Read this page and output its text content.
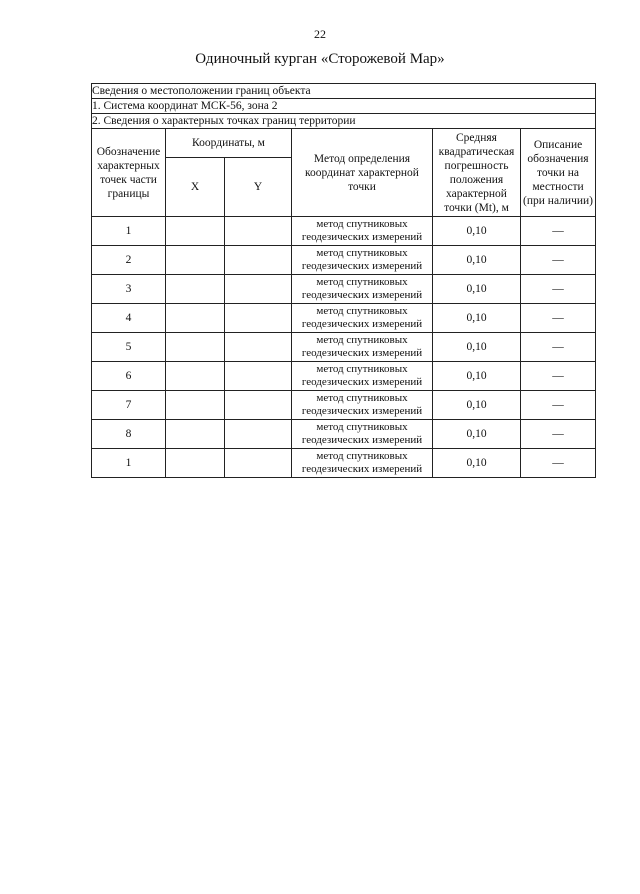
22
Одиночный курган «Сторожевой Мар»
Сведения о местоположении границ объекта					
1. Система координат МСК-56, зона 2					
2. Сведения о характерных точках границ территории					
Обозначение характерных точек части границы	Координаты, м		Метод определения координат характерной точки	Средняя квадратическая погрешность положения характерной точки (Mt), м	Описание обозначения точки на местности (при наличии)
	X	Y			
1			метод спутниковых геодезических измерений	0,10	—
2			метод спутниковых геодезических измерений	0,10	—
3			метод спутниковых геодезических измерений	0,10	—
4			метод спутниковых геодезических измерений	0,10	—
5			метод спутниковых геодезических измерений	0,10	—
6			метод спутниковых геодезических измерений	0,10	—
7			метод спутниковых геодезических измерений	0,10	—
8			метод спутниковых геодезических измерений	0,10	—
1			метод спутниковых геодезических измерений	0,10	—
